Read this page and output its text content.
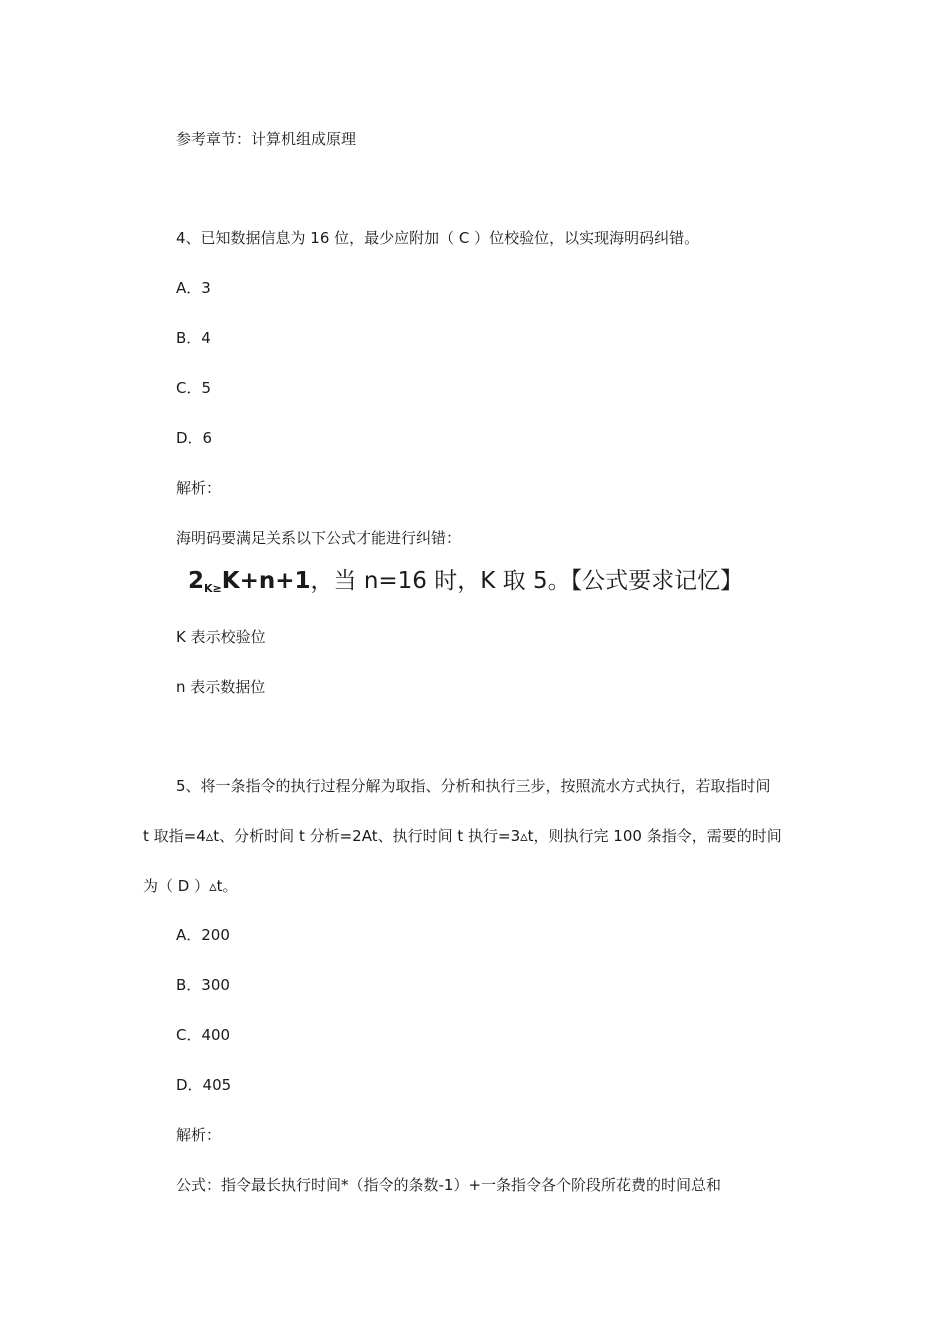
参考章节：计算机组成原理
4、已知数据信息为 16 位，最少应附加（ C ）位校验位，以实现海明码纠错。
A．3
B．4
C．5
D．6
解析：
海明码要满足关系以下公式才能进行纠错：
$2_{K\ge}K+n+1$，当 n=16 时，K 取 5。【公式要求记忆】
K 表示校验位
n 表示数据位
5、将一条指令的执行过程分解为取指、分析和执行三步，按照流水方式执行，若取指时间
t 取指=4▵t、分析时间 t 分析=2At、执行时间 t 执行=3▵t，则执行完 100 条指令，需要的时间
为（ D ）▵t。
A．200
B．300
C．400
D．405
解析：
公式：指令最长执行时间*（指令的条数-1）+一条指令各个阶段所花费的时间总和
